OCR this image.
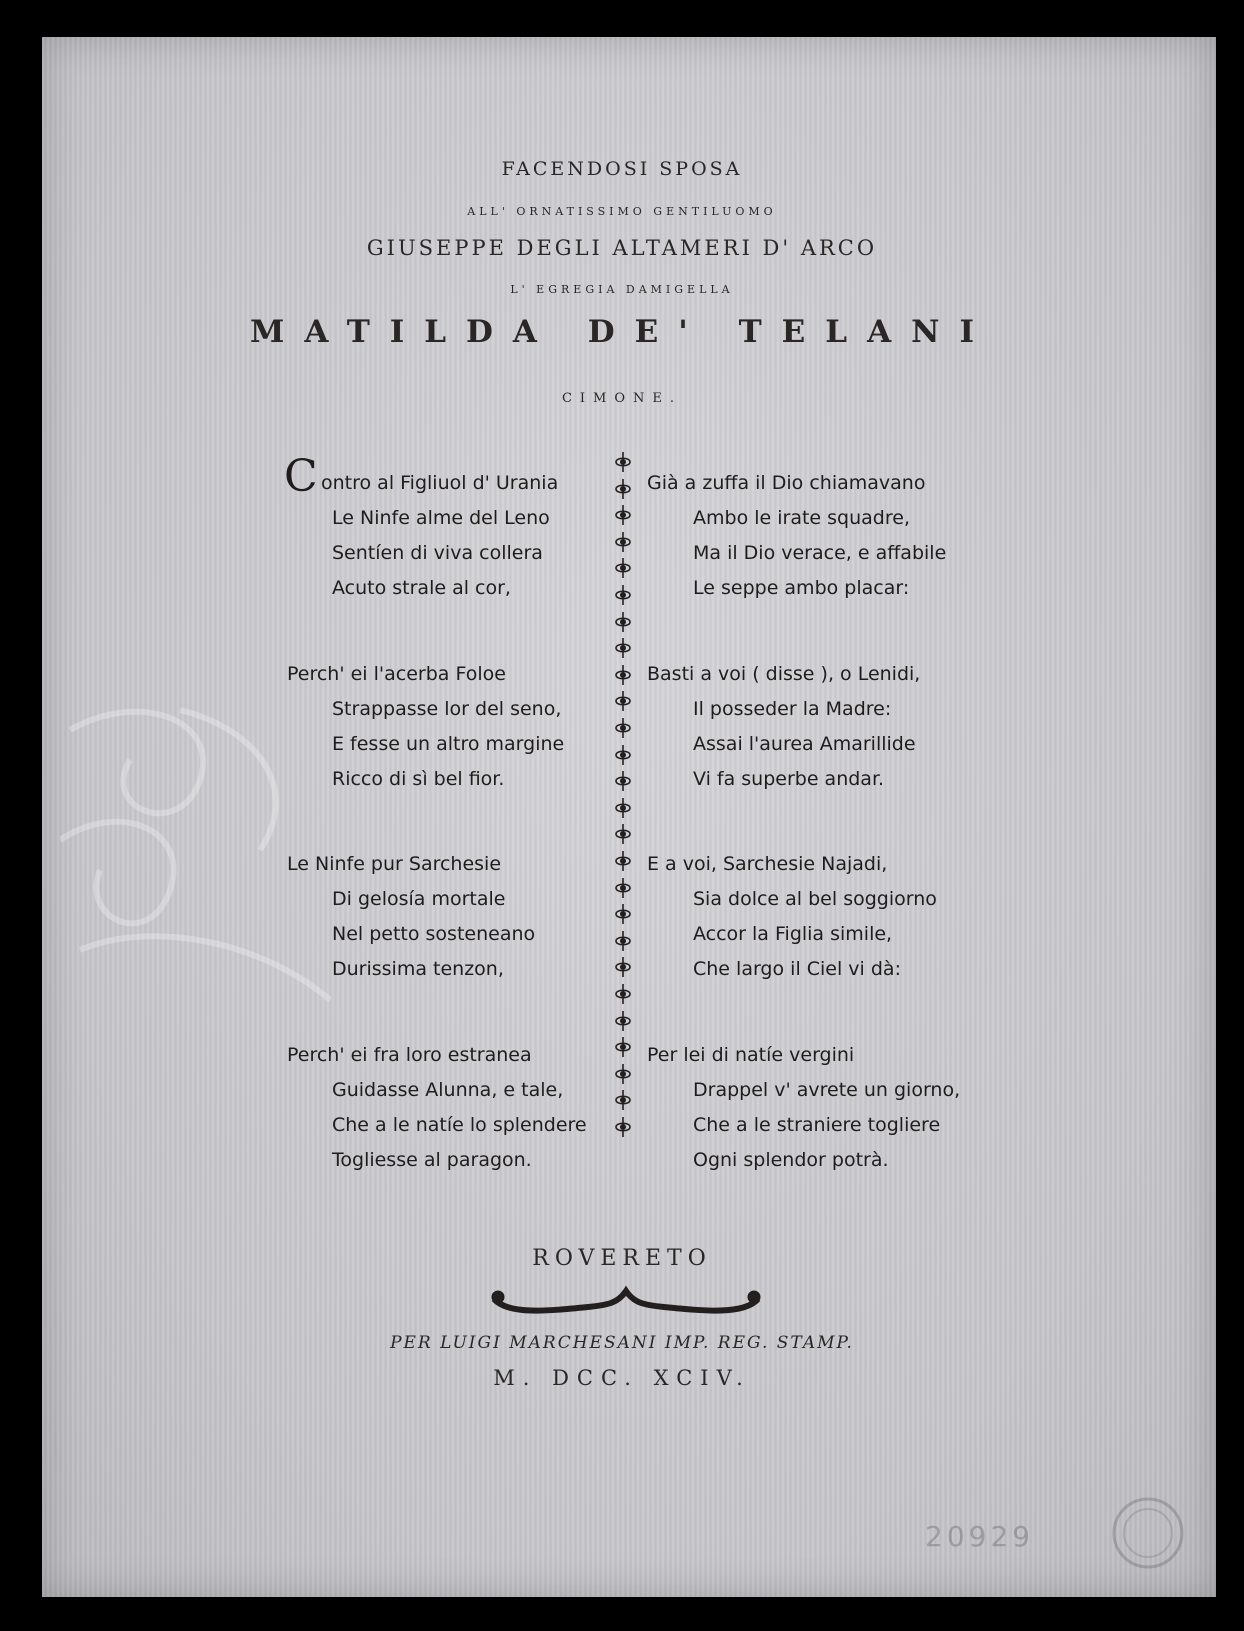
FACENDOSI SPOSA
ALL' ORNATISSIMO GENTILUOMO
GIUSEPPE DEGLI ALTAMERI D' ARCO
L' EGREGIA DAMIGELLA
MATILDA DE' TELANI
CIMONE.
C ontro al Figliuol d' Urania
Le Ninfe alme del Leno
Sentíen di viva collera
Acuto strale al cor,
Perch' ei l'acerba Foloe
Strappasse lor del seno,
E fesse un altro margine
Ricco di sì bel fior.
Le Ninfe pur Sarchesie
Di gelosía mortale
Nel petto sosteneano
Durissima tenzon,
Perch' ei fra loro estranea
Guidasse Alunna, e tale,
Che a le natíe lo splendere
Togliesse al paragon.
Già a zuffa il Dio chiamavano
Ambo le irate squadre,
Ma il Dio verace, e affabile
Le seppe ambo placar:
Basti a voi ( disse ), o Lenidi,
Il posseder la Madre:
Assai l'aurea Amarillide
Vi fa superbe andar.
E a voi, Sarchesie Najadi,
Sia dolce al bel soggiorno
Accor la Figlia simile,
Che largo il Ciel vi dà:
Per lei di natíe vergini
Drappel v' avrete un giorno,
Che a le straniere togliere
Ogni splendor potrà.
ROVERETO
PER LUIGI MARCHESANI IMP. REG. STAMP.
M. DCC. XCIV.
20929
